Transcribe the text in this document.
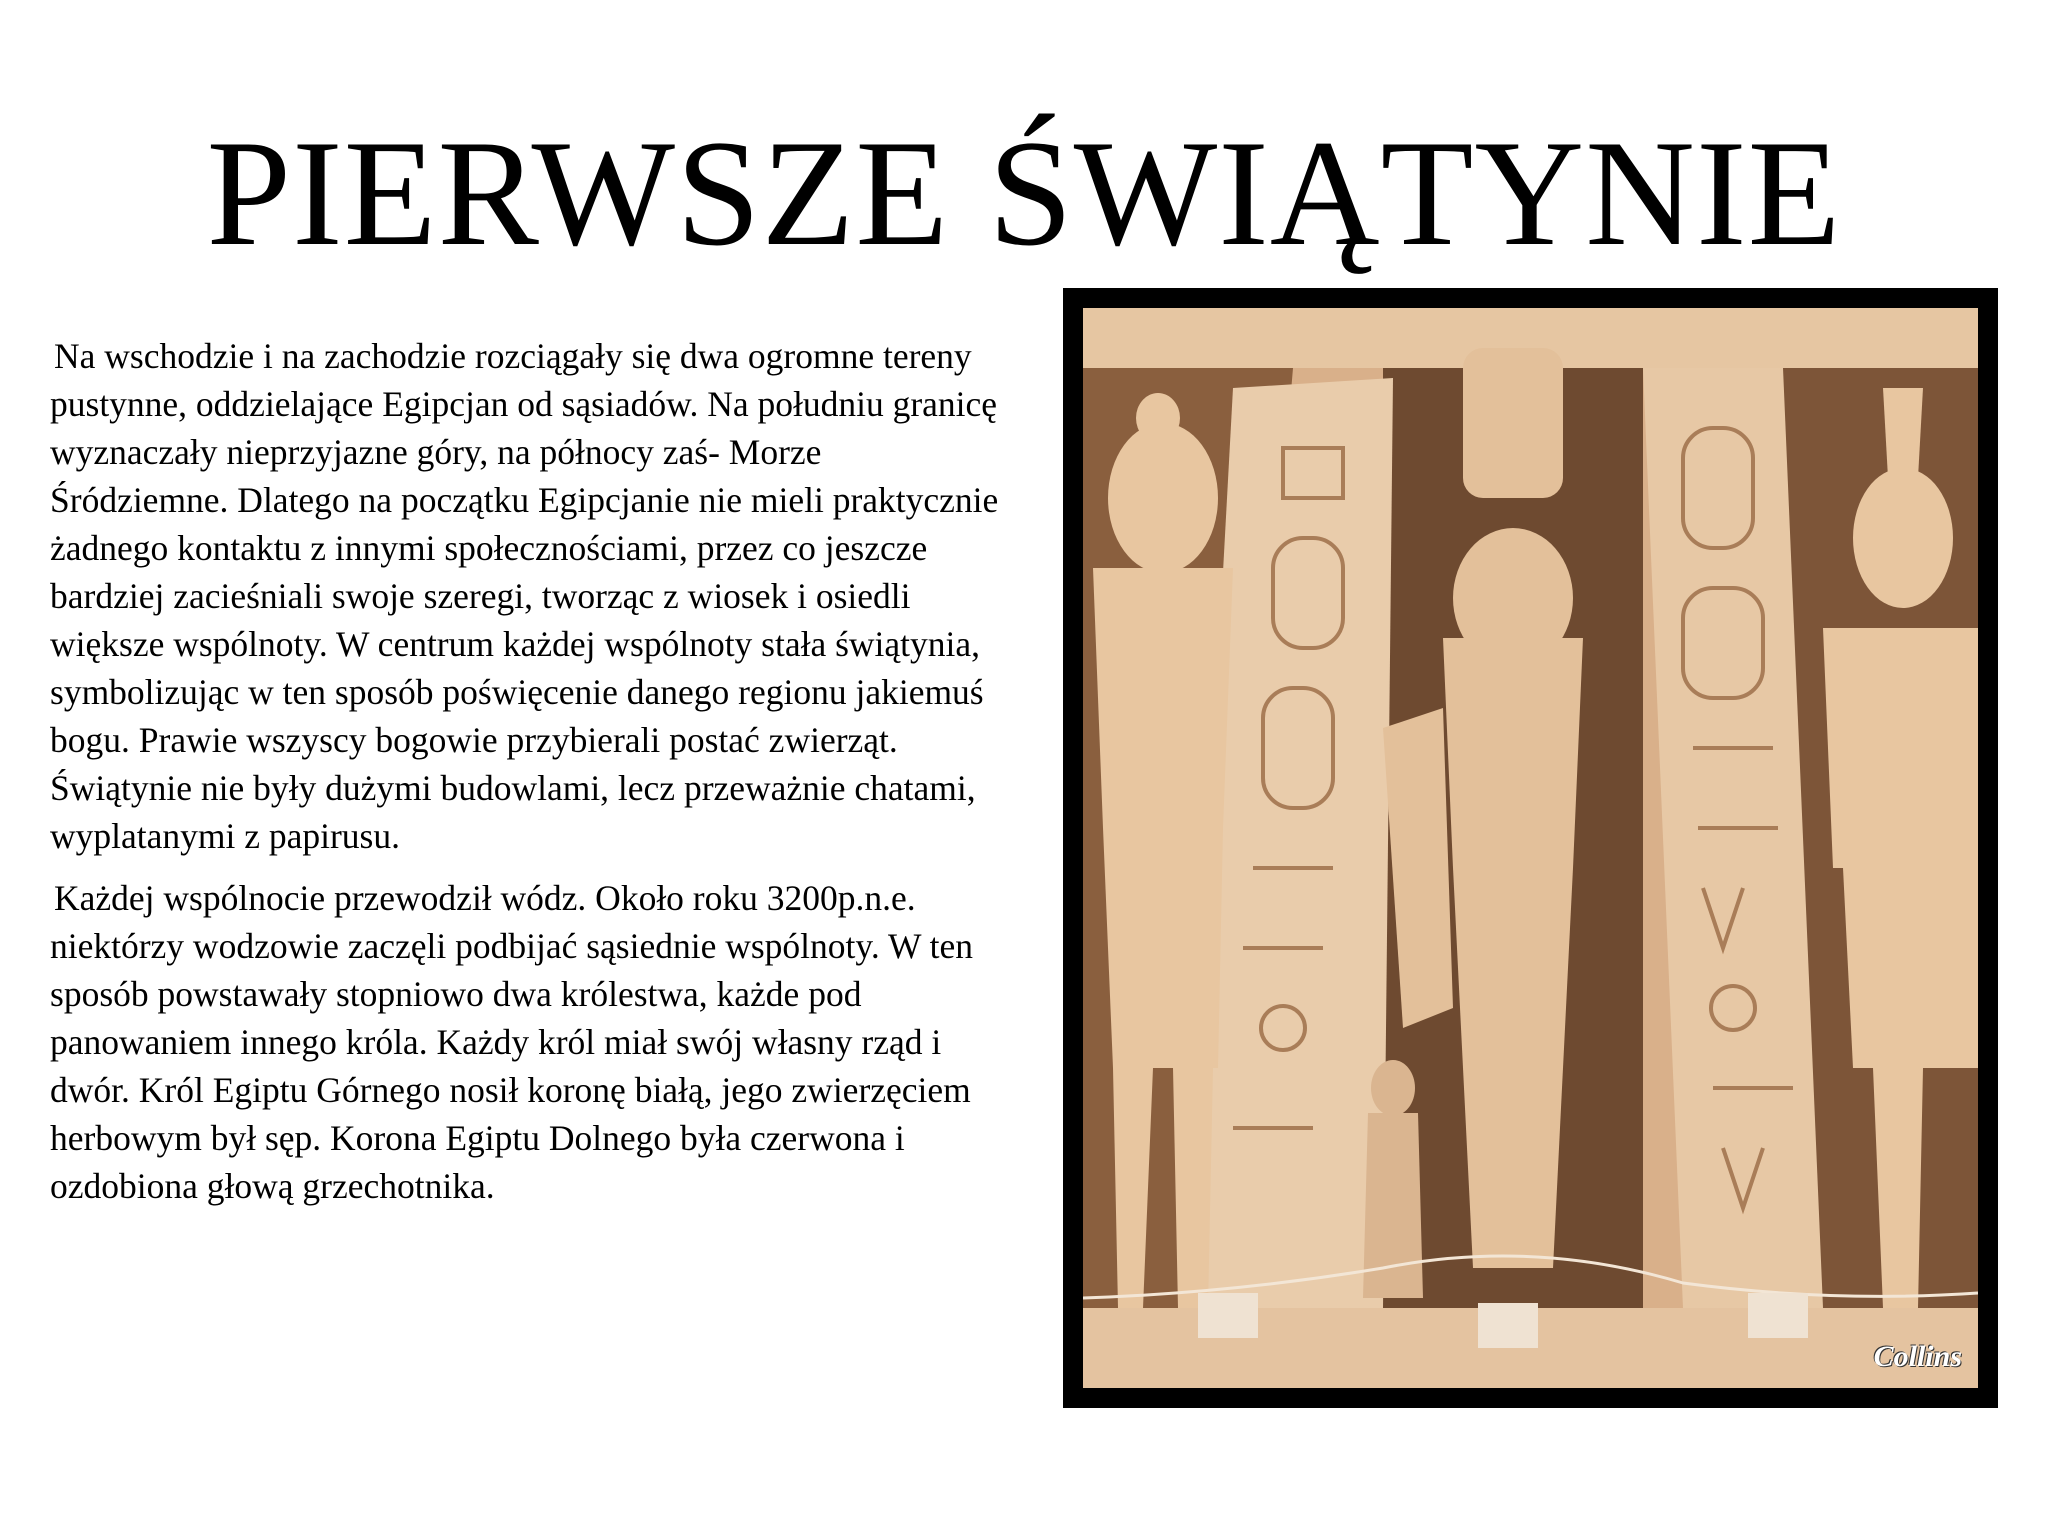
PIERWSZE ŚWIĄTYNIE

Na wschodzie i na zachodzie rozciągały się dwa ogromne tereny pustynne, oddzielające Egipcjan od sąsiadów. Na południu granicę wyznaczały nieprzyjazne góry, na północy zaś- Morze Śródziemne. Dlatego na początku Egipcjanie nie mieli praktycznie żadnego kontaktu z innymi społecznościami, przez co jeszcze bardziej zacieśniali swoje szeregi, tworząc z wiosek i osiedli większe wspólnoty. W centrum każdej wspólnoty stała świątynia, symbolizując w ten sposób poświęcenie danego regionu jakiemuś bogu. Prawie wszyscy bogowie przybierali postać zwierząt. Świątynie nie były dużymi budowlami, lecz przeważnie chatami, wyplatanymi z papirusu.

Każdej wspólnocie przewodził wódz. Około roku 3200p.n.e. niektórzy wodzowie zaczęli podbijać sąsiednie wspólnoty. W ten sposób powstawały stopniowo dwa królestwa, każde pod panowaniem innego króla. Każdy król miał swój własny rząd i dwór. Król Egiptu Górnego nosił koronę białą, jego zwierzęciem herbowym był sęp. Korona Egiptu Dolnego była czerwona i ozdobiona głową grzechotnika.

Collins
